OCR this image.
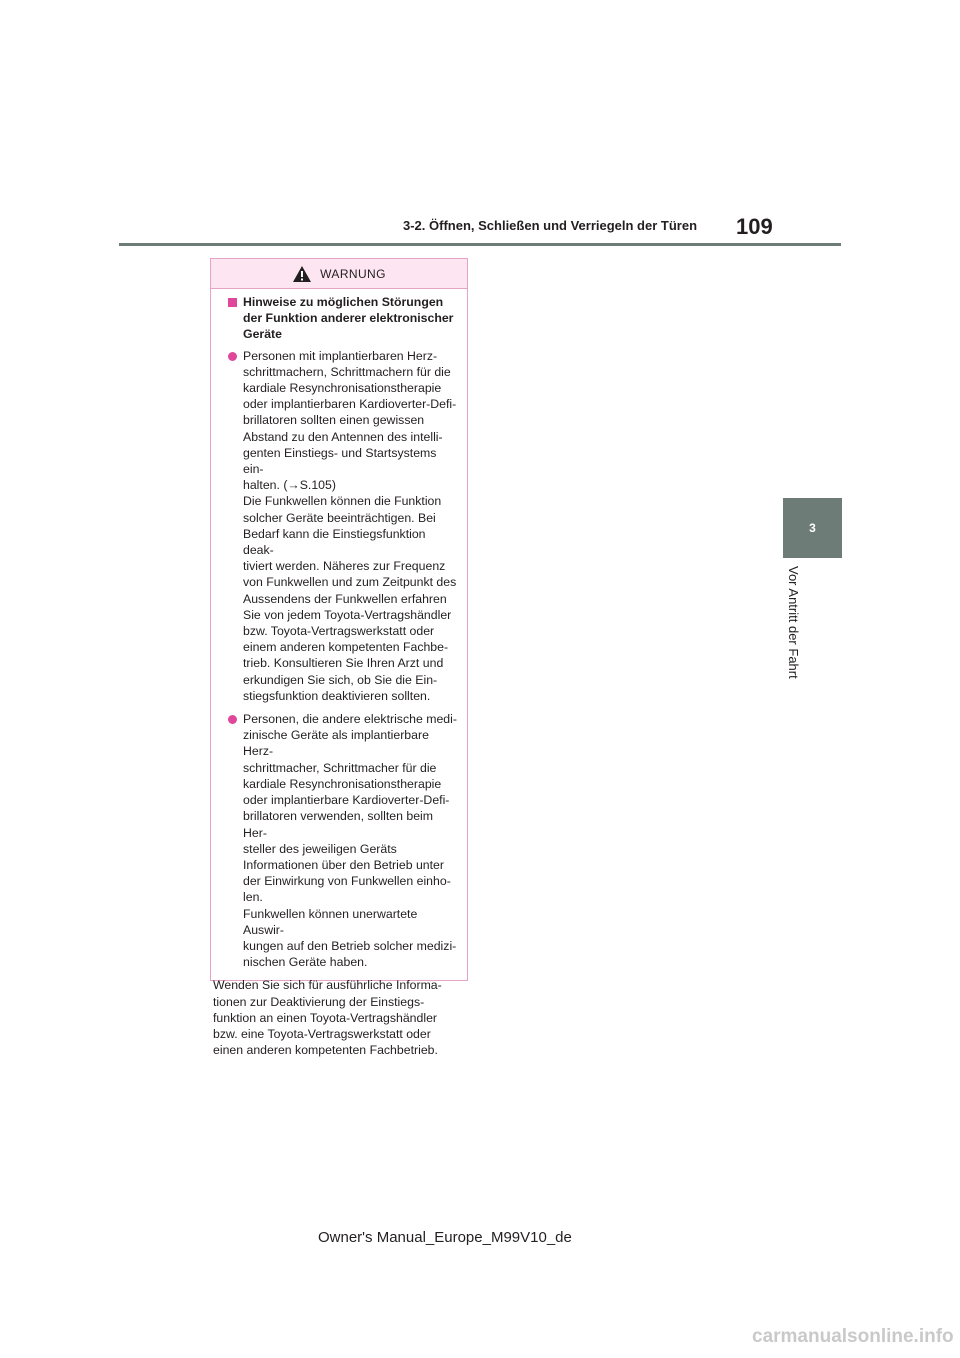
3-2. Öffnen, Schließen und Verriegeln der Türen 109
3
Vor Antritt der Fahrt
WARNUNG
Hinweise zu möglichen Störungen der Funktion anderer elektronischer Geräte
Personen mit implantierbaren Herz-
schrittmachern, Schrittmachern für die
kardiale Resynchronisationstherapie
oder implantierbaren Kardioverter-Defi-
brillatoren sollten einen gewissen
Abstand zu den Antennen des intelli-
genten Einstiegs- und Startsystems ein-
halten. (→S.105)
Die Funkwellen können die Funktion
solcher Geräte beeinträchtigen. Bei
Bedarf kann die Einstiegsfunktion deak-
tiviert werden. Näheres zur Frequenz
von Funkwellen und zum Zeitpunkt des
Aussendens der Funkwellen erfahren
Sie von jedem Toyota-Vertragshändler
bzw. Toyota-Vertragswerkstatt oder
einem anderen kompetenten Fachbe-
trieb. Konsultieren Sie Ihren Arzt und
erkundigen Sie sich, ob Sie die Ein-
stiegsfunktion deaktivieren sollten.
Personen, die andere elektrische medi-
zinische Geräte als implantierbare Herz-
schrittmacher, Schrittmacher für die
kardiale Resynchronisationstherapie
oder implantierbare Kardioverter-Defi-
brillatoren verwenden, sollten beim Her-
steller des jeweiligen Geräts
Informationen über den Betrieb unter
der Einwirkung von Funkwellen einho-
len.
Funkwellen können unerwartete Auswir-
kungen auf den Betrieb solcher medizi-
nischen Geräte haben.
Wenden Sie sich für ausführliche Informa-
tionen zur Deaktivierung der Einstiegs-
funktion an einen Toyota-Vertragshändler
bzw. eine Toyota-Vertragswerkstatt oder
einen anderen kompetenten Fachbetrieb.
Owner's Manual_Europe_M99V10_de
carmanualsonline.info
